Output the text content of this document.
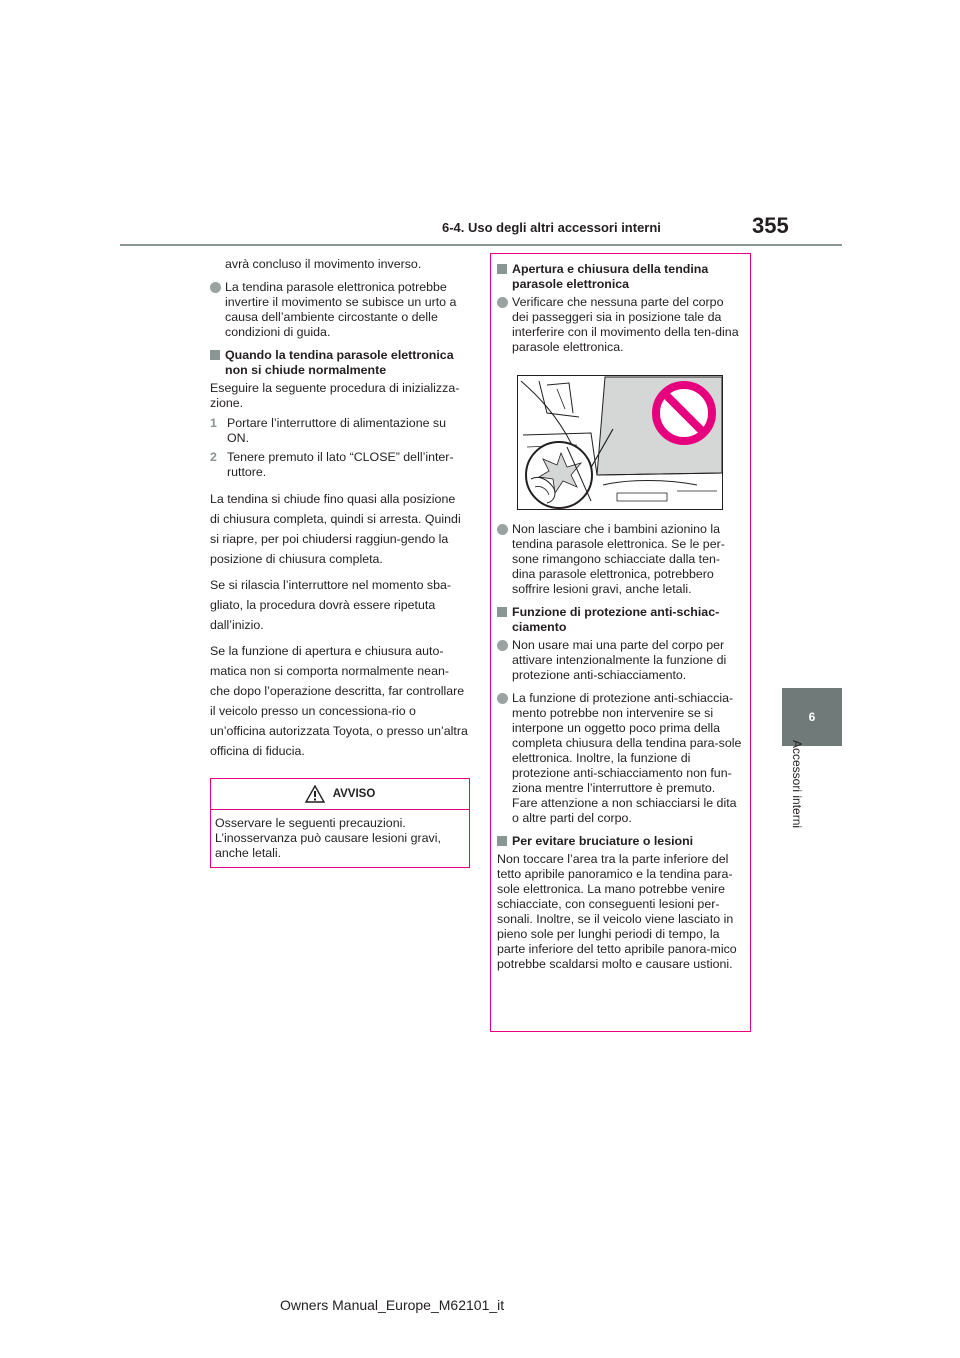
6-4. Uso degli altri accessori interni	355
6
Accessori interni

avrà concluso il movimento inverso.

La tendina parasole elettronica potrebbe invertire il movimento se subisce un urto a causa dell’ambiente circostante o delle condizioni di guida.

Quando la tendina parasole elettronica non si chiude normalmente

Eseguire la seguente procedura di inizializza-zione.

1 Portare l’interruttore di alimentazione su ON.

2 Tenere premuto il lato “CLOSE” dell’inter-ruttore.

La tendina si chiude fino quasi alla posizione di chiusura completa, quindi si arresta. Quindi si riapre, per poi chiudersi raggiun-gendo la posizione di chiusura completa.

Se si rilascia l’interruttore nel momento sba-gliato, la procedura dovrà essere ripetuta dall’inizio.

Se la funzione di apertura e chiusura auto-matica non si comporta normalmente nean-che dopo l’operazione descritta, far controllare il veicolo presso un concessiona-rio o un’officina autorizzata Toyota, o presso un’altra officina di fiducia.

AVVISO
Osservare le seguenti precauzioni. L’inosservanza può causare lesioni gravi, anche letali.
Apertura e chiusura della tendina parasole elettronica

Verificare che nessuna parte del corpo dei passeggeri sia in posizione tale da interferire con il movimento della ten-dina parasole elettronica.

Non lasciare che i bambini azionino la tendina parasole elettronica. Se le per-sone rimangono schiacciate dalla ten-dina parasole elettronica, potrebbero soffrire lesioni gravi, anche letali.

Funzione di protezione anti-schiac-ciamento

Non usare mai una parte del corpo per attivare intenzionalmente la funzione di protezione anti-schiacciamento.

La funzione di protezione anti-schiaccia-mento potrebbe non intervenire se si interpone un oggetto poco prima della completa chiusura della tendina para-sole elettronica. Inoltre, la funzione di protezione anti-schiacciamento non fun-ziona mentre l’interruttore è premuto. Fare attenzione a non schiacciarsi le dita o altre parti del corpo.

Per evitare bruciature o lesioni

Non toccare l’area tra la parte inferiore del tetto apribile panoramico e la tendina para-sole elettronica. La mano potrebbe venire schiacciate, con conseguenti lesioni per-sonali. Inoltre, se il veicolo viene lasciato in pieno sole per lunghi periodi di tempo, la parte inferiore del tetto apribile panora-mico potrebbe scaldarsi molto e causare ustioni.

Owners Manual_Europe_M62101_it
